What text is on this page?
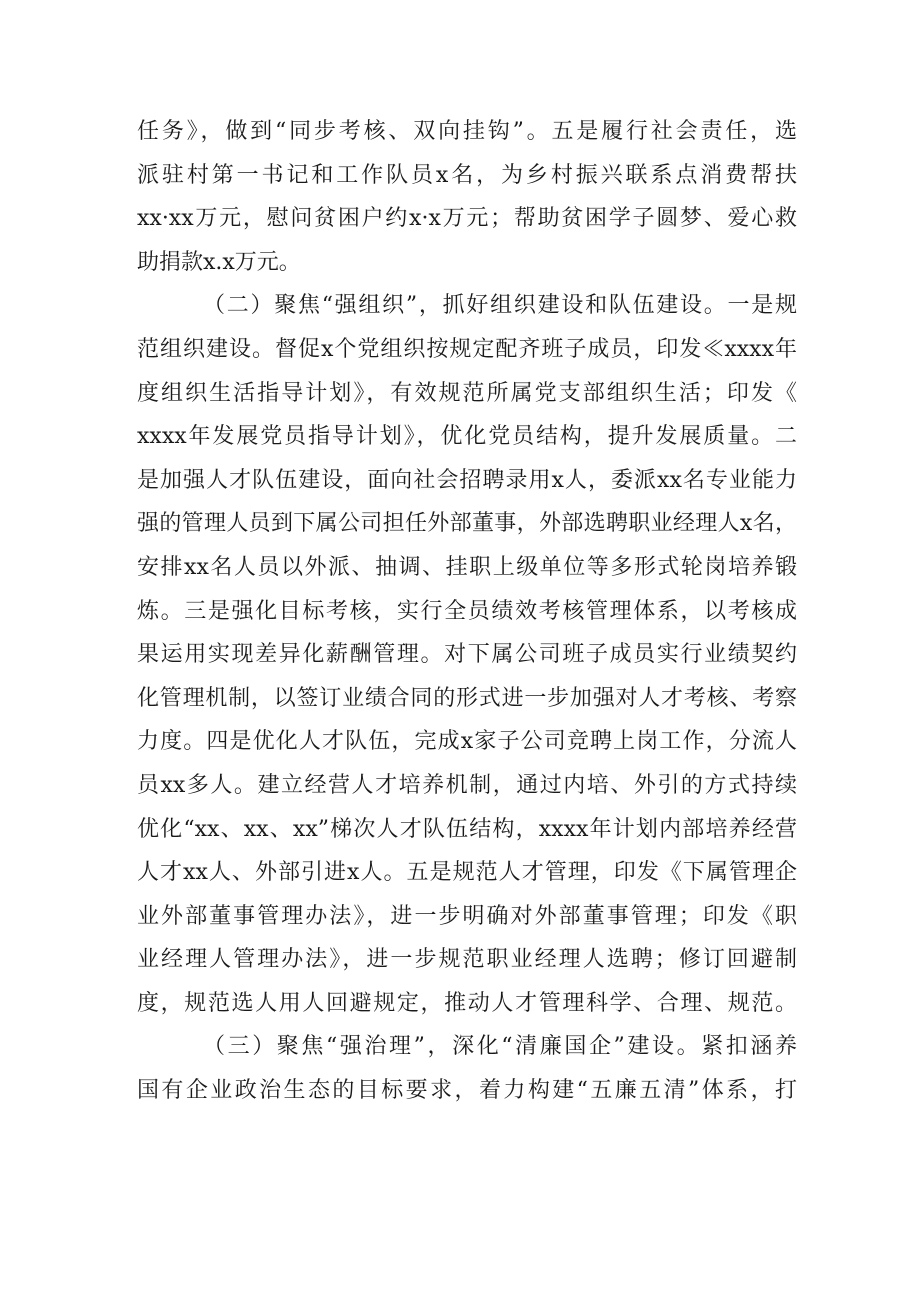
任务》，做到“同步考核、双向挂钩”。五是履行社会责任，选
派驻村第一书记和工作队员x名，为乡村振兴联系点消费帮扶
xx·xx万元，慰问贫困户约x·x万元；帮助贫困学子圆梦、爱心救
助捐款x.x万元。
（二）聚焦“强组织”，抓好组织建设和队伍建设。一是规
范组织建设。督促x个党组织按规定配齐班子成员，印发≪xxxx年
度组织生活指导计划》，有效规范所属党支部组织生活；印发《
xxxx年发展党员指导计划》，优化党员结构，提升发展质量。二
是加强人才队伍建设，面向社会招聘录用x人，委派xx名专业能力
强的管理人员到下属公司担任外部董事，外部选聘职业经理人x名，
安排xx名人员以外派、抽调、挂职上级单位等多形式轮岗培养锻
炼。三是强化目标考核，实行全员绩效考核管理体系，以考核成
果运用实现差异化薪酬管理。对下属公司班子成员实行业绩契约
化管理机制，以签订业绩合同的形式进一步加强对人才考核、考察
力度。四是优化人才队伍，完成x家子公司竞聘上岗工作，分流人
员xx多人。建立经营人才培养机制，通过内培、外引的方式持续
优化“xx、xx、xx”梯次人才队伍结构，xxxx年计划内部培养经营
人才xx人、外部引进x人。五是规范人才管理，印发《下属管理企
业外部董事管理办法》，进一步明确对外部董事管理；印发《职
业经理人管理办法》，进一步规范职业经理人选聘；修订回避制
度，规范选人用人回避规定，推动人才管理科学、合理、规范。
（三）聚焦“强治理”，深化“清廉国企”建设。紧扣涵养
国有企业政治生态的目标要求，着力构建“五廉五清”体系，打
